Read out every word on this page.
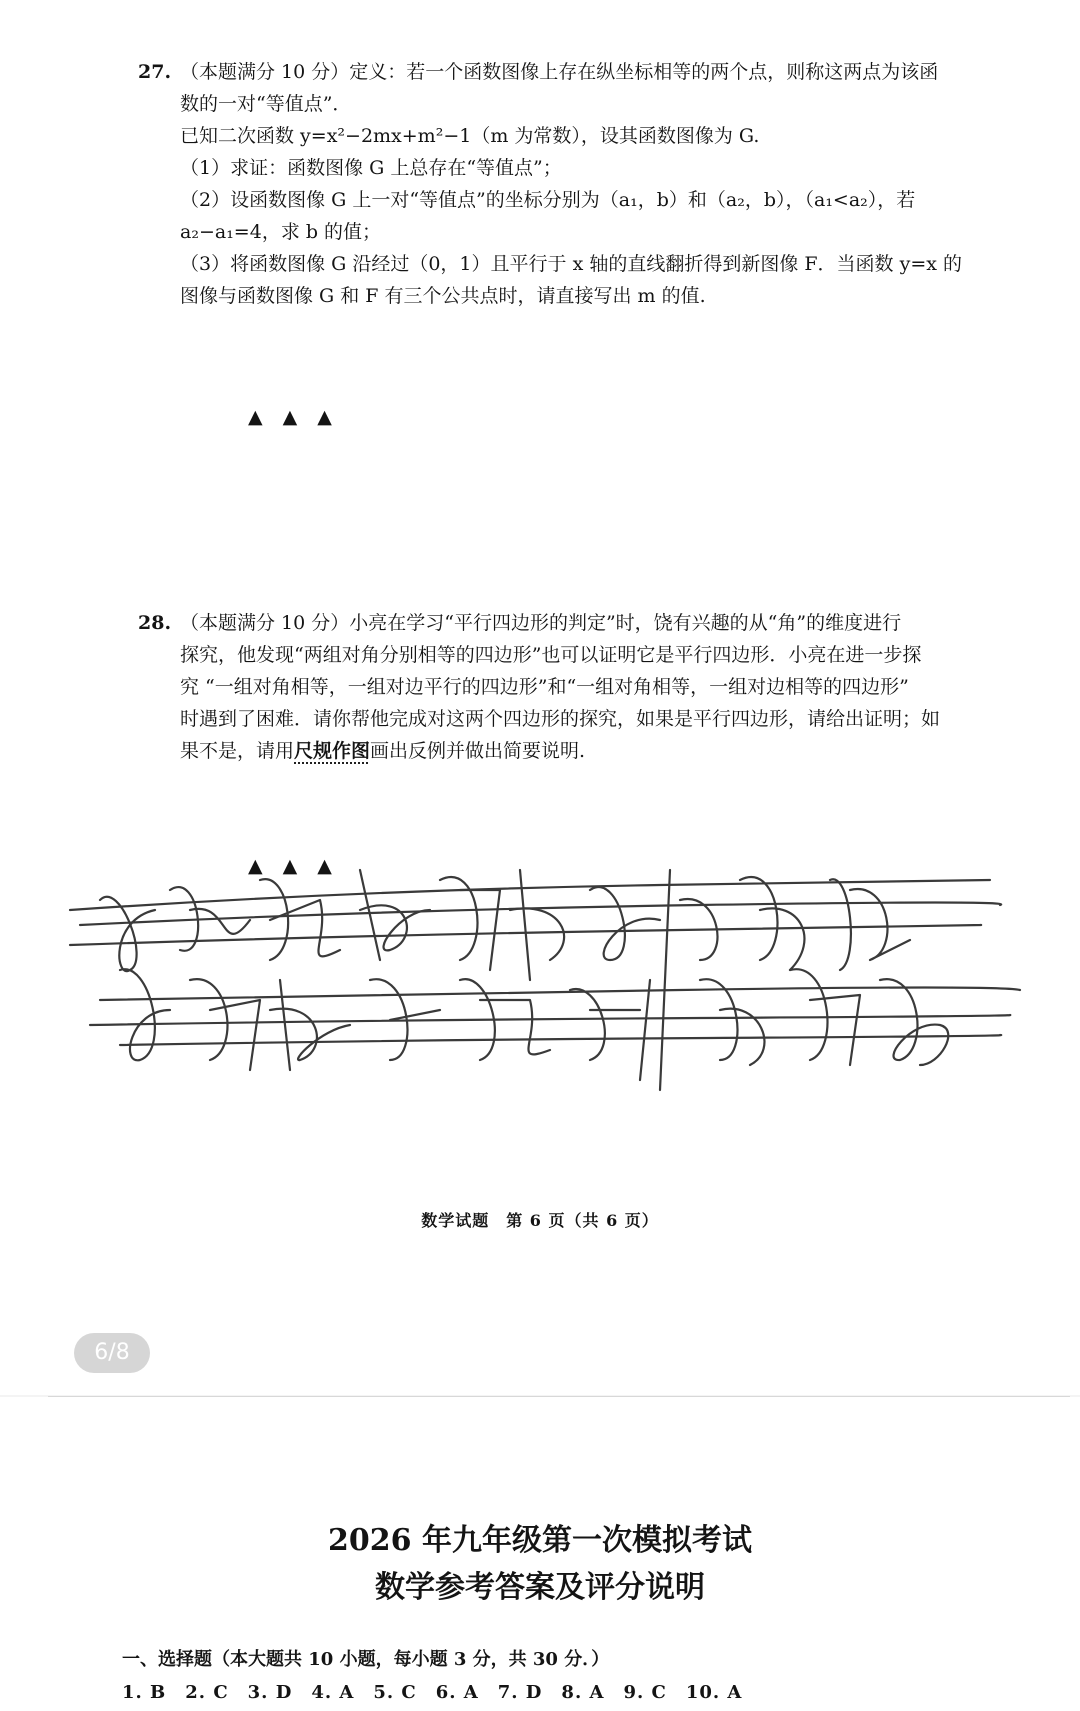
27. （本题满分 10 分）定义：若一个函数图像上存在纵坐标相等的两个点，则称这两点为该函
数的一对“等值点”．
已知二次函数 y=x²−2mx+m²−1（m 为常数），设其函数图像为 G.
（1）求证：函数图像 G 上总存在“等值点”；
（2）设函数图像 G 上一对“等值点”的坐标分别为（a₁，b）和（a₂，b），（a₁<a₂），若
a₂−a₁=4，求 b 的值；
（3）将函数图像 G 沿经过（0，1）且平行于 x 轴的直线翻折得到新图像 F．当函数 y=x 的
图像与函数图像 G 和 F 有三个公共点时，请直接写出 m 的值.
▲▲▲
28. （本题满分 10 分）小亮在学习“平行四边形的判定”时，饶有兴趣的从“角”的维度进行
探究，他发现“两组对角分别相等的四边形”也可以证明它是平行四边形．小亮在进一步探
究 “一组对角相等，一组对边平行的四边形”和“一组对角相等，一组对边相等的四边形”
时遇到了困难．请你帮他完成对这两个四边形的探究，如果是平行四边形，请给出证明；如
果不是，请用尺规作图画出反例并做出简要说明.
▲▲▲
数学试题　第 6 页（共 6 页）
6/8
2026 年九年级第一次模拟考试
数学参考答案及评分说明
一、选择题（本大题共 10 小题，每小题 3 分，共 30 分．）
1. B　2. C　3. D　4. A　5. C　6. A　7. D　8. A　9. C　10. A
